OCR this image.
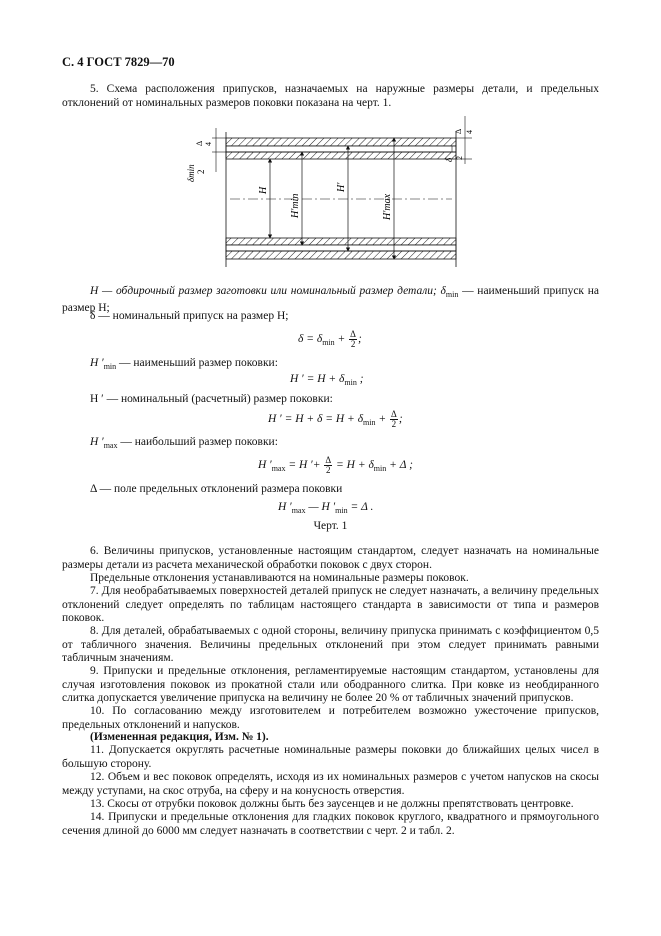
С. 4 ГОСТ 7829—70
5. Схема расположения припусков, назначаемых на наружные размеры детали, и предельных отклонений от номинальных размеров поковки показана на черт. 1.
δmin 2
4
Δ
H
H′min
H′
H′max
Δ 4
δ 2
H — обдирочный размер заготовки или номинальный размер детали; $\delta_{min}$ — наименьший припуск на размер H;
δ — номинальный припуск на размер H;
$\delta = \delta_{min} + \frac{\Delta}{2}$ ;
H $'_{min}$ — наименьший размер поковки:
H ′ = $H + \delta_{min}$ ;
H ′ — номинальный (расчетный) размер поковки:
H ′ = $H + \delta = H + \delta_{min} + \frac{\Delta}{2}$ ;
H $'_{max}$ — наибольший размер поковки:
H $'_{max} = H$ ′+ $\frac{\Delta}{2} = H + \delta_{min} + \Delta$ ;
Δ — поле предельных отклонений размера поковки
H $'_{max}$ — H $'_{min} = \Delta$ .
Черт. 1
6. Величины припусков, установленные настоящим стандартом, следует назначать на номинальные размеры детали из расчета механической обработки поковок с двух сторон.
Предельные отклонения устанавливаются на номинальные размеры поковок.
7. Для необрабатываемых поверхностей деталей припуск не следует назначать, а величину предельных отклонений следует определять по таблицам настоящего стандарта в зависимости от типа и размеров поковок.
8. Для деталей, обрабатываемых с одной стороны, величину припуска принимать с коэффициентом 0,5 от табличного значения. Величины предельных отклонений при этом следует принимать равными табличным значениям.
9. Припуски и предельные отклонения, регламентируемые настоящим стандартом, установлены для случая изготовления поковок из прокатной стали или ободранного слитка. При ковке из необдиранного слитка допускается увеличение припуска на величину не более 20 % от табличных значений припусков.
10. По согласованию между изготовителем и потребителем возможно ужесточение припусков, предельных отклонений и напусков.
(Измененная редакция, Изм. № 1).
11. Допускается округлять расчетные номинальные размеры поковки до ближайших целых чисел в большую сторону.
12. Объем и вес поковок определять, исходя из их номинальных размеров с учетом напусков на скосы между уступами, на скос отруба, на сферу и на конусность отверстия.
13. Скосы от отрубки поковок должны быть без заусенцев и не должны препятствовать центровке.
14. Припуски и предельные отклонения для гладких поковок круглого, квадратного и прямоугольного сечения длиной до 6000 мм следует назначать в соответствии с черт. 2 и табл. 2.
